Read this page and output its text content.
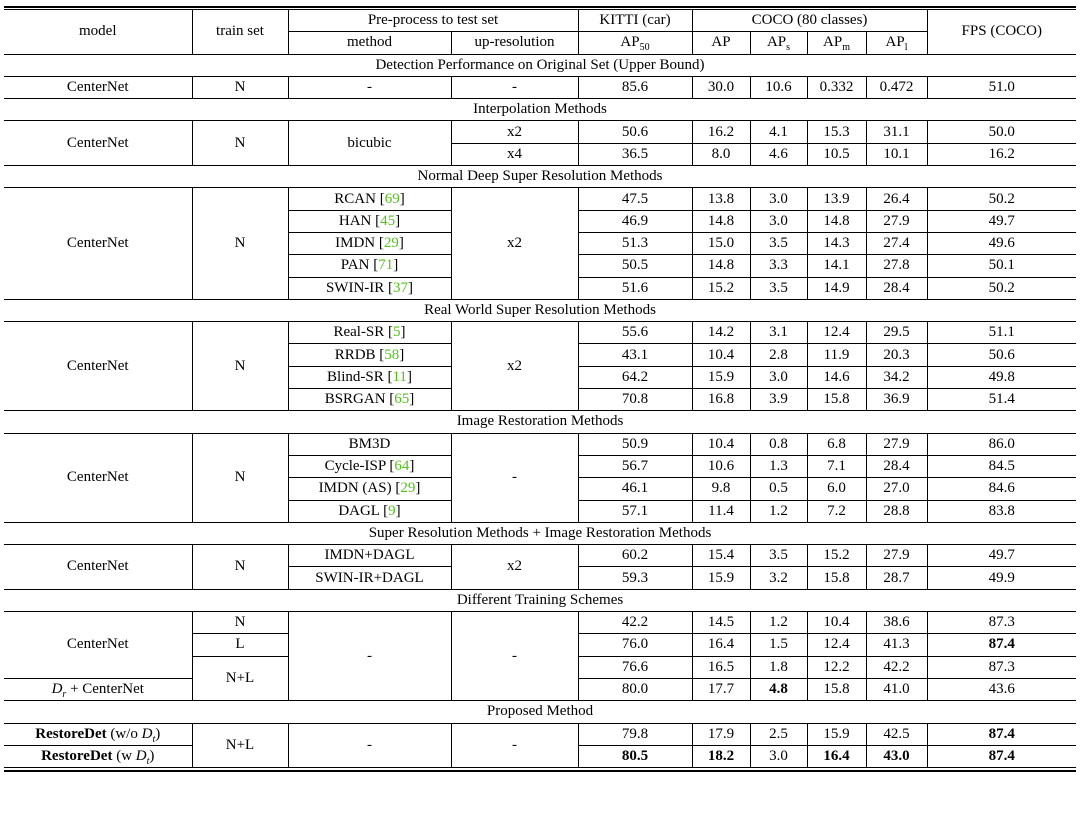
model	train set	Pre-process to test set		KITTI (car)	COCO (80 classes)				FPS (COCO)
		method	up-resolution	$AP_{50}$	AP	$AP_s$	$AP_m$	$AP_l$
Detection Performance on Original Set (Upper Bound)									
CenterNet	N	-	-	85.6	30.0	10.6	0.332	0.472	51.0
Interpolation Methods									
CenterNet	N	bicubic	x2	50.6	16.2	4.1	15.3	31.1	50.0
			x4	36.5	8.0	4.6	10.5	10.1	16.2
Normal Deep Super Resolution Methods									
CenterNet	N	RCAN [69]	x2	47.5	13.8	3.0	13.9	26.4	50.2
		HAN [45]		46.9	14.8	3.0	14.8	27.9	49.7
		IMDN [29]		51.3	15.0	3.5	14.3	27.4	49.6
		PAN [71]		50.5	14.8	3.3	14.1	27.8	50.1
		SWIN-IR [37]		51.6	15.2	3.5	14.9	28.4	50.2
Real World Super Resolution Methods									
CenterNet	N	Real-SR [5]	x2	55.6	14.2	3.1	12.4	29.5	51.1
		RRDB [58]		43.1	10.4	2.8	11.9	20.3	50.6
		Blind-SR [11]		64.2	15.9	3.0	14.6	34.2	49.8
		BSRGAN [65]		70.8	16.8	3.9	15.8	36.9	51.4
Image Restoration Methods									
CenterNet	N	BM3D	-	50.9	10.4	0.8	6.8	27.9	86.0
		Cycle-ISP [64]		56.7	10.6	1.3	7.1	28.4	84.5
		IMDN (AS) [29]		46.1	9.8	0.5	6.0	27.0	84.6
		DAGL [9]		57.1	11.4	1.2	7.2	28.8	83.8
Super Resolution Methods + Image Restoration Methods									
CenterNet	N	IMDN+DAGL	x2	60.2	15.4	3.5	15.2	27.9	49.7
		SWIN-IR+DAGL		59.3	15.9	3.2	15.8	28.7	49.9
Different Training Schemes									
CenterNet	N	-	-	42.2	14.5	1.2	10.4	38.6	87.3
	L			76.0	16.4	1.5	12.4	41.3	87.4
	N+L			76.6	16.5	1.8	12.2	42.2	87.3
$D_r$ + CenterNet				80.0	17.7	4.8	15.8	41.0	43.6
Proposed Method									
RestoreDet (w/o $D_t$)	N+L	-	-	79.8	17.9	2.5	15.9	42.5	87.4
RestoreDet (w $D_t$)				80.5	18.2	3.0	16.4	43.0	87.4
